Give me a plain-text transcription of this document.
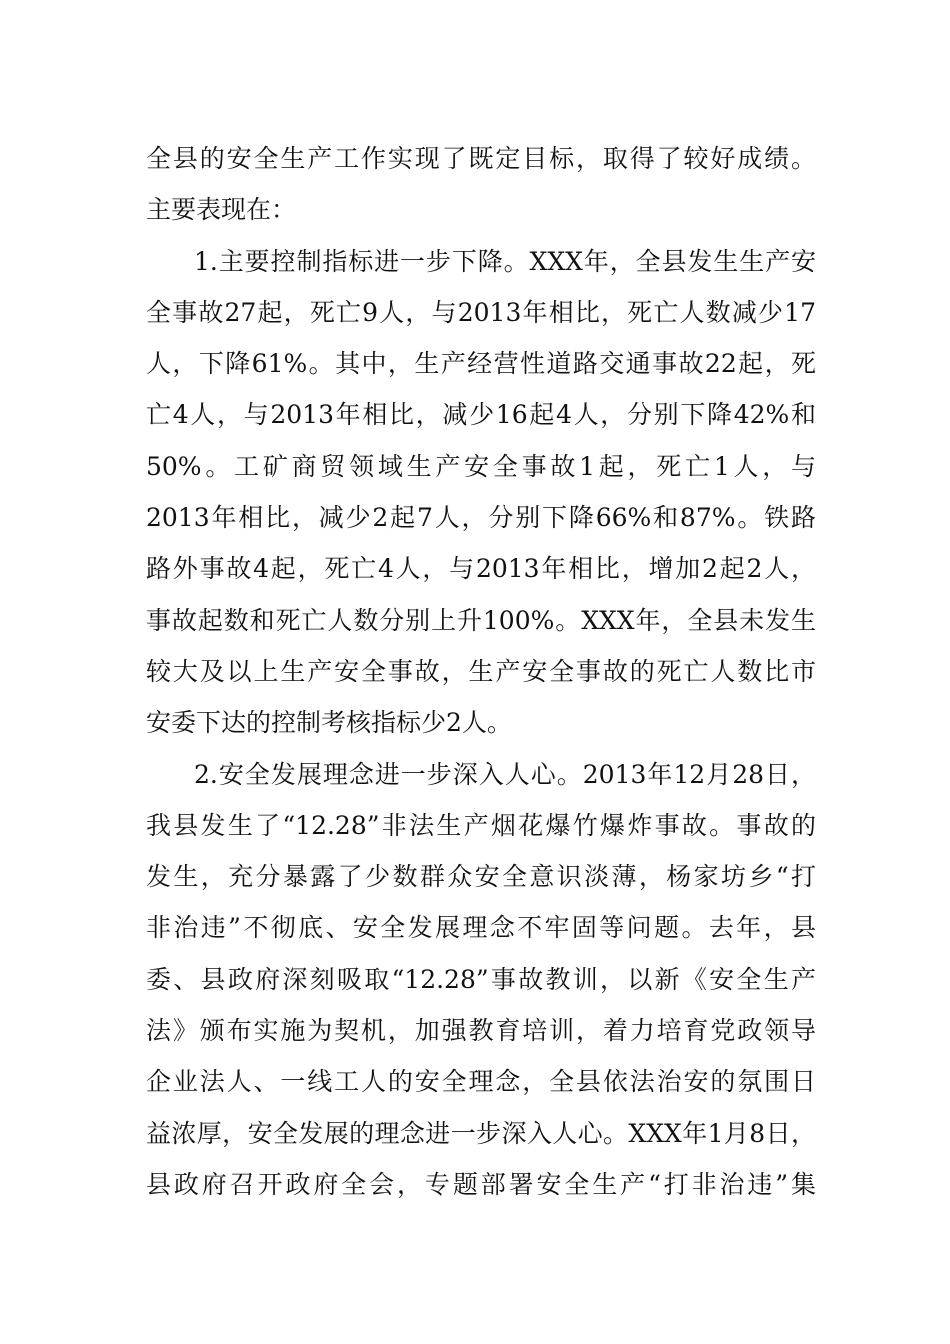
全县的安全生产工作实现了既定目标，取得了较好成绩。

主要表现在：

1.主要控制指标进一步下降。XXX年，全县发生生产安

全事故27起，死亡9人，与2013年相比，死亡人数减少17

人，下降61%。其中，生产经营性道路交通事故22起，死

亡4人，与2013年相比，减少16起4人，分别下降42%和

50%。工矿商贸领域生产安全事故1起，死亡1人，与

2013年相比，减少2起7人，分别下降66%和87%。铁路

路外事故4起，死亡4人，与2013年相比，增加2起2人，

事故起数和死亡人数分别上升100%。XXX年，全县未发生

较大及以上生产安全事故，生产安全事故的死亡人数比市

安委下达的控制考核指标少2人。

2.安全发展理念进一步深入人心。2013年12月28日，

我县发生了“12.28”非法生产烟花爆竹爆炸事故。事故的

发生，充分暴露了少数群众安全意识淡薄，杨家坊乡“打

非治违”不彻底、安全发展理念不牢固等问题。去年，县

委、县政府深刻吸取“12.28”事故教训，以新《安全生产

法》颁布实施为契机，加强教育培训，着力培育党政领导

企业法人、一线工人的安全理念，全县依法治安的氛围日

益浓厚，安全发展的理念进一步深入人心。XXX年1月8日，

县政府召开政府全会，专题部署安全生产“打非治违”集
